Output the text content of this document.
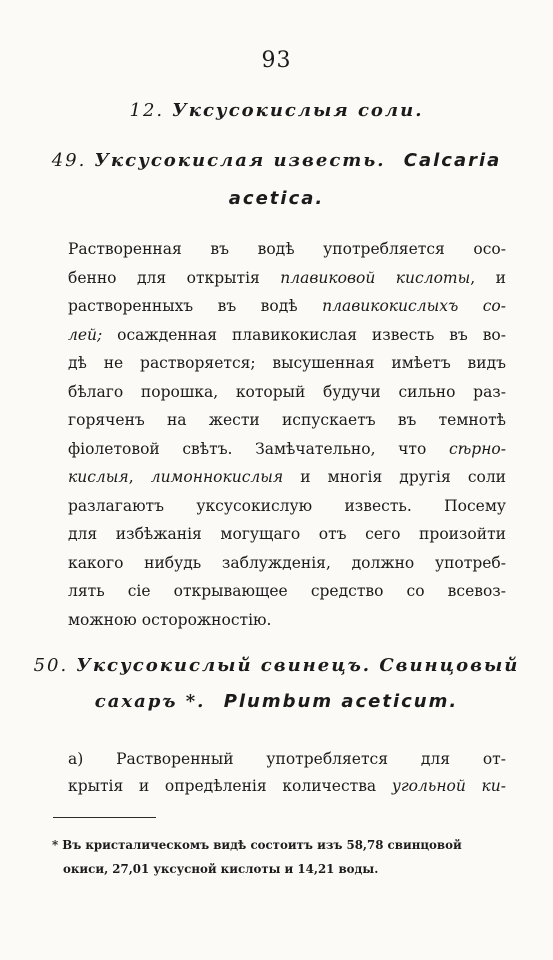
93
12. Уксусокислыя соли.
49. Уксусокислая известь. Calcaria
acetica.
Растворенная въ водѣ употребляется осо-
бенно для открытія плавиковой кислоты, и
растворенныхъ въ водѣ плавикокислыхъ со-
лей; осажденная плавикокислая известь въ во-
дѣ не растворяется; высушенная имѣетъ видъ
бѣлаго порошка, который будучи сильно раз-
горяченъ на жести испускаетъ въ темнотѣ
фіолетовой свѣтъ. Замѣчательно, что сѣрно-
кислыя, лимоннокислыя и многія другія соли
разлагаютъ уксусокислую известь. Посему
для избѣжанія могущаго отъ сего произойти
какого нибудь заблужденія, должно употреб-
лять сіе открывающее средство со всевоз-
можною осторожностію.
50. Уксусокислый свинецъ. Свинцовый
сахаръ *. Plumbum aceticum.
a) Растворенный употребляется для от-
крытія и опредѣленія количества угольной ки-
* Въ кристалическомъ видѣ состоитъ изъ 58,78 свинцовой
окиси, 27,01 уксусной кислоты и 14,21 воды.
